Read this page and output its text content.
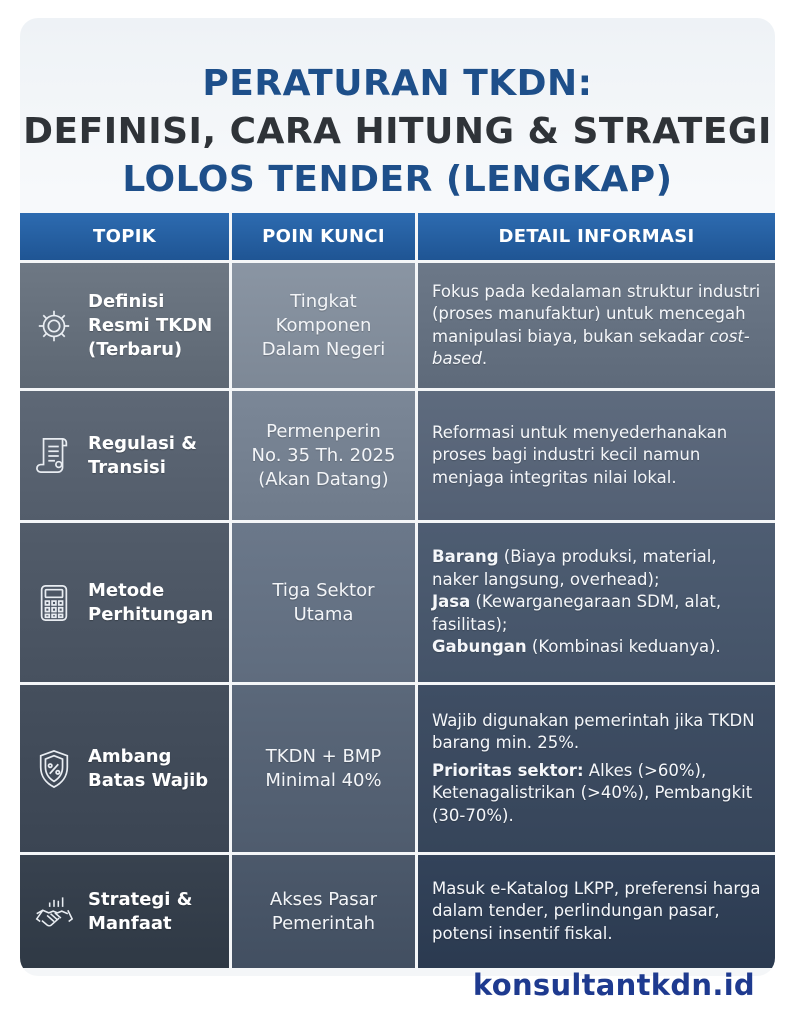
PERATURAN TKDN:
DEFINISI, CARA HITUNG & STRATEGI
LOLOS TENDER (LENGKAP)
TOPIK	POIN KUNCI	DETAIL INFORMASI
Definisi
Resmi TKDN
(Terbaru)
Tingkat
Komponen
Dalam Negeri

Fokus pada kedalaman struktur industri (proses manufaktur) untuk mencegah manipulasi biaya, bukan sekadar cost-based.

Regulasi &
Transisi
Permenperin
No. 35 Th. 2025
(Akan Datang)

Reformasi untuk menyederhanakan proses bagi industri kecil namun menjaga integritas nilai lokal.

Metode
Perhitungan
Tiga Sektor
Utama

Barang (Biaya produksi, material, naker langsung, overhead);

Jasa (Kewarganegaraan SDM, alat, fasilitas);

Gabungan (Kombinasi keduanya).

Ambang
Batas Wajib
TKDN + BMP
Minimal 40%

Wajib digunakan pemerintah jika TKDN barang min. 25%.

Prioritas sektor: Alkes (>60%), Ketenagalistrikan (>40%), Pembangkit (30-70%).

Strategi &
Manfaat
Akses Pasar
Pemerintah

Masuk e-Katalog LKPP, preferensi harga dalam tender, perlindungan pasar, potensi insentif fiskal.

konsultantkdn.id
